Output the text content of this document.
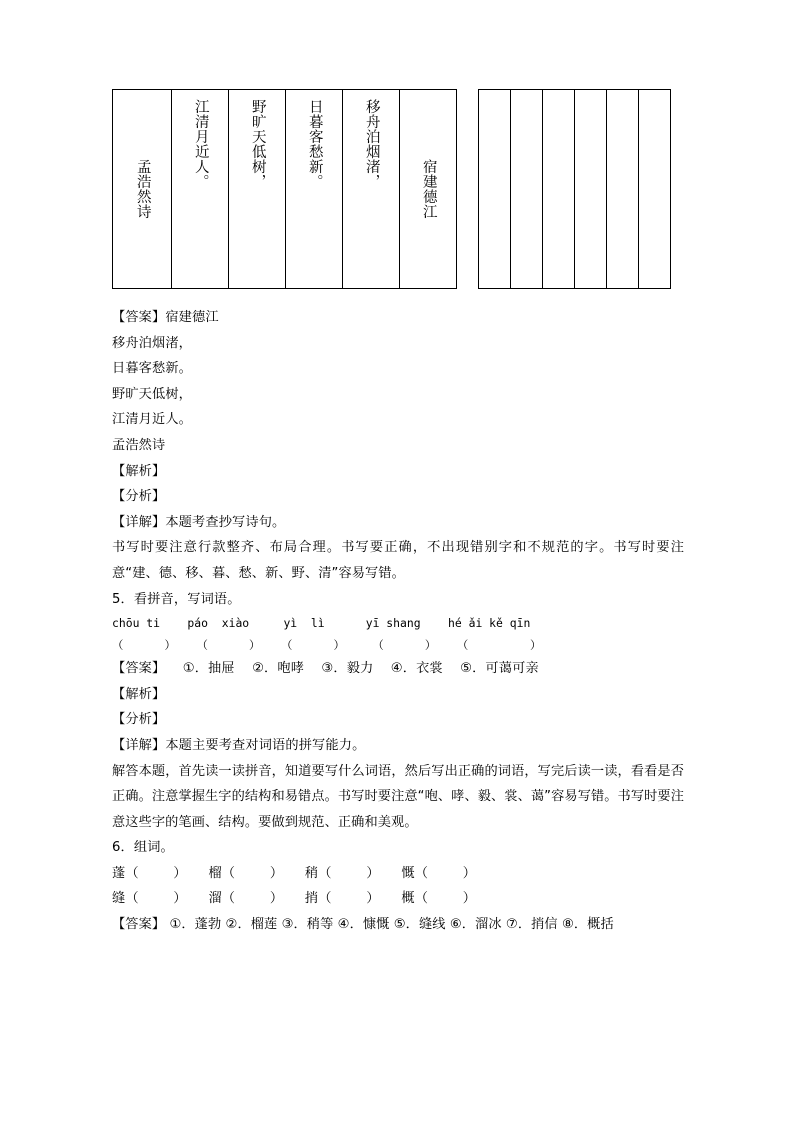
孟浩然诗	江清月近人。	野旷天低树，	日暮客愁新。	移舟泊烟渚，	宿建德江

【答案】宿建德江
移舟泊烟渚，
日暮客愁新。
野旷天低树，
江清月近人。
孟浩然诗
【解析】
【分析】
【详解】本题考查抄写诗句。
书写时要注意行款整齐、布局合理。书写要正确，不出现错别字和不规范的字。书写时要注意“建、德、移、暮、愁、新、野、清”容易写错。
5．看拼音，写词语。
chōu ti    páo  xiào     yì  lì      yī shang    hé ǎi kě qīn
（      ）   （      ）   （      ）    （      ）   （         ）
【答案】    ①．抽屉    ②．咆哮    ③．毅力    ④．衣裳    ⑤．可蔼可亲
【解析】
【分析】
【详解】本题主要考查对词语的拼写能力。
解答本题，首先读一读拼音，知道要写什么词语，然后写出正确的词语，写完后读一读，看看是否正确。注意掌握生字的结构和易错点。书写时要注意“咆、哮、毅、裳、蔼”容易写错。书写时要注意这些字的笔画、结构。要做到规范、正确和美观。
6．组词。
蓬（        ）     榴（        ）     稍（        ）     慨（        ）
缝（        ）     溜（        ）     捎（        ）     概（        ）
【答案】 ①．蓬勃 ②．榴莲 ③．稍等 ④．慷慨 ⑤．缝线 ⑥．溜冰 ⑦．捎信 ⑧．概括
